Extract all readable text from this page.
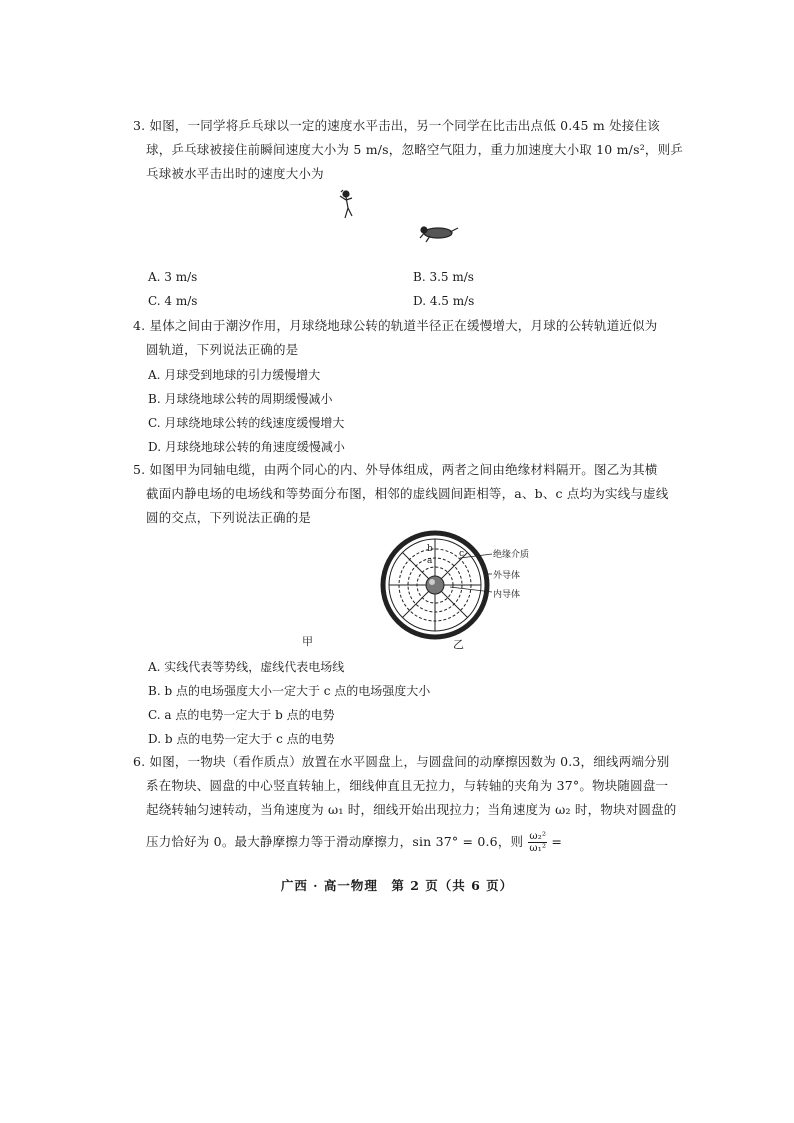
3. 如图，一同学将乒乓球以一定的速度水平击出，另一个同学在比击出点低 0.45 m 处接住该
球，乒乓球被接住前瞬间速度大小为 5 m/s，忽略空气阻力，重力加速度大小取 10 m/s²，则乒
乓球被水平击出时的速度大小为
A. 3 m/s	B. 3.5 m/s
C. 4 m/s	D. 4.5 m/s
4. 星体之间由于潮汐作用，月球绕地球公转的轨道半径正在缓慢增大，月球的公转轨道近似为
圆轨道，下列说法正确的是
A. 月球受到地球的引力缓慢增大
B. 月球绕地球公转的周期缓慢减小
C. 月球绕地球公转的线速度缓慢增大
D. 月球绕地球公转的角速度缓慢减小
5. 如图甲为同轴电缆，由两个同心的内、外导体组成，两者之间由绝缘材料隔开。图乙为其横
截面内静电场的电场线和等势面分布图，相邻的虚线圆间距相等，a、b、c 点均为实线与虚线
圆的交点，下列说法正确的是
b
a
c	绝缘介质
外导体
内导体
甲	乙
A. 实线代表等势线，虚线代表电场线
B. b 点的电场强度大小一定大于 c 点的电场强度大小
C. a 点的电势一定大于 b 点的电势
D. b 点的电势一定大于 c 点的电势
6. 如图，一物块（看作质点）放置在水平圆盘上，与圆盘间的动摩擦因数为 0.3，细线两端分别
系在物块、圆盘的中心竖直转轴上，细线伸直且无拉力，与转轴的夹角为 37°。物块随圆盘一
起绕转轴匀速转动，当角速度为 ω₁ 时，细线开始出现拉力；当角速度为 ω₂ 时，物块对圆盘的
压力恰好为 0。最大静摩擦力等于滑动摩擦力，sin 37° = 0.6，则 $\frac{\text{ω₂²}}{\text{ω₁²}}$ =
广西 · 高一物理　第 2 页（共 6 页）
